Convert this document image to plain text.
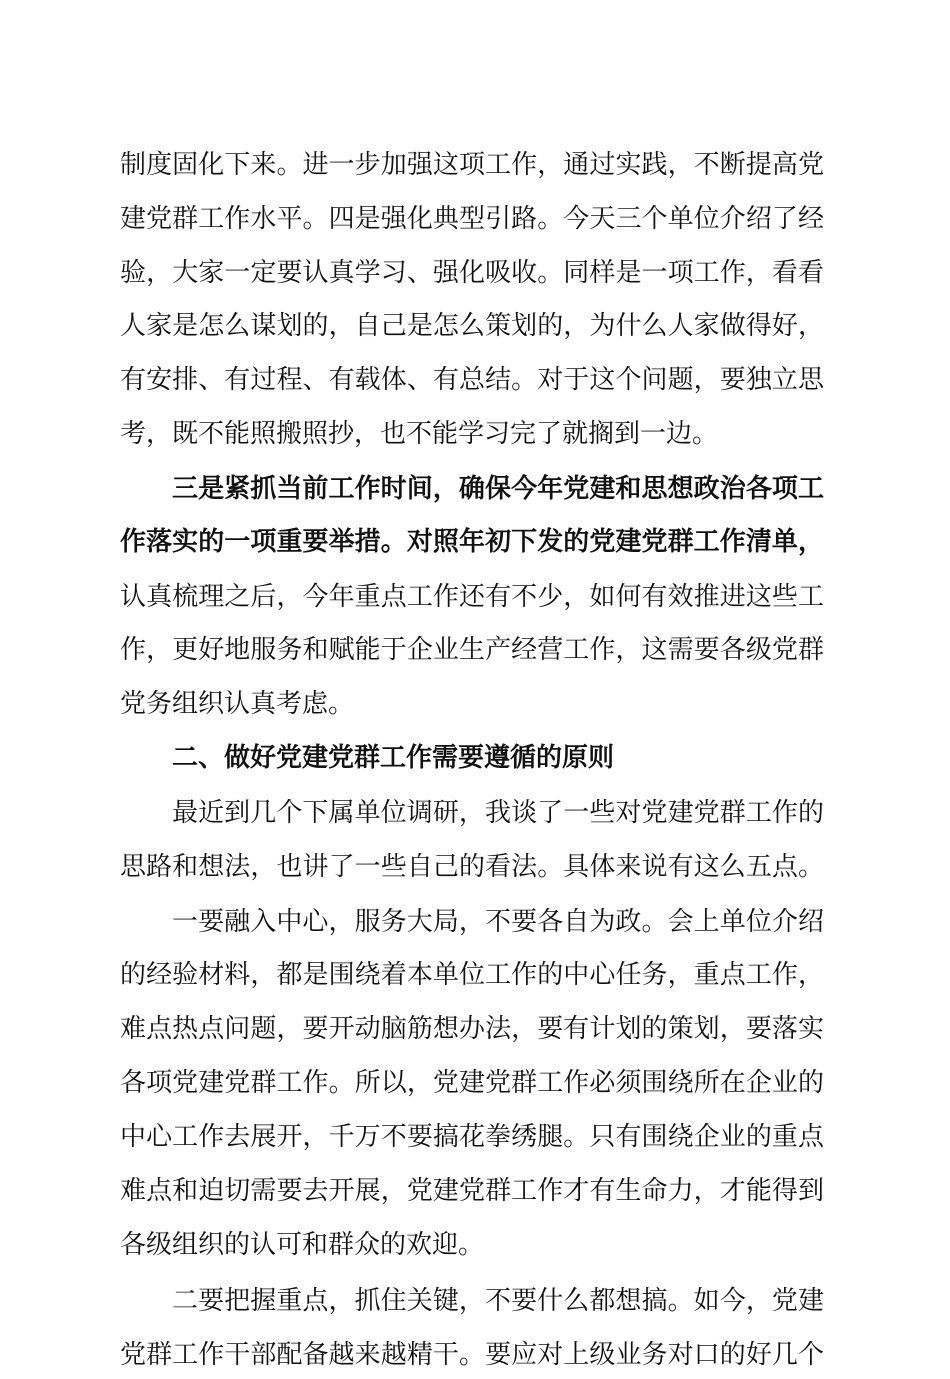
制度固化下来。进一步加强这项工作，通过实践，不断提高党
建党群工作水平。四是强化典型引路。今天三个单位介绍了经
验，大家一定要认真学习、强化吸收。同样是一项工作，看看
人家是怎么谋划的，自己是怎么策划的，为什么人家做得好，
有安排、有过程、有载体、有总结。对于这个问题，要独立思
考，既不能照搬照抄，也不能学习完了就搁到一边。
三是紧抓当前工作时间，确保今年党建和思想政治各项工
作落实的一项重要举措。对照年初下发的党建党群工作清单，
认真梳理之后，今年重点工作还有不少，如何有效推进这些工
作，更好地服务和赋能于企业生产经营工作，这需要各级党群
党务组织认真考虑。
二、做好党建党群工作需要遵循的原则
最近到几个下属单位调研，我谈了一些对党建党群工作的
思路和想法，也讲了一些自己的看法。具体来说有这么五点。
一要融入中心，服务大局，不要各自为政。会上单位介绍
的经验材料，都是围绕着本单位工作的中心任务，重点工作，
难点热点问题，要开动脑筋想办法，要有计划的策划，要落实
各项党建党群工作。所以，党建党群工作必须围绕所在企业的
中心工作去展开，千万不要搞花拳绣腿。只有围绕企业的重点
难点和迫切需要去开展，党建党群工作才有生命力，才能得到
各级组织的认可和群众的欢迎。
二要把握重点，抓住关键，不要什么都想搞。如今，党建
党群工作干部配备越来越精干。要应对上级业务对口的好几个
